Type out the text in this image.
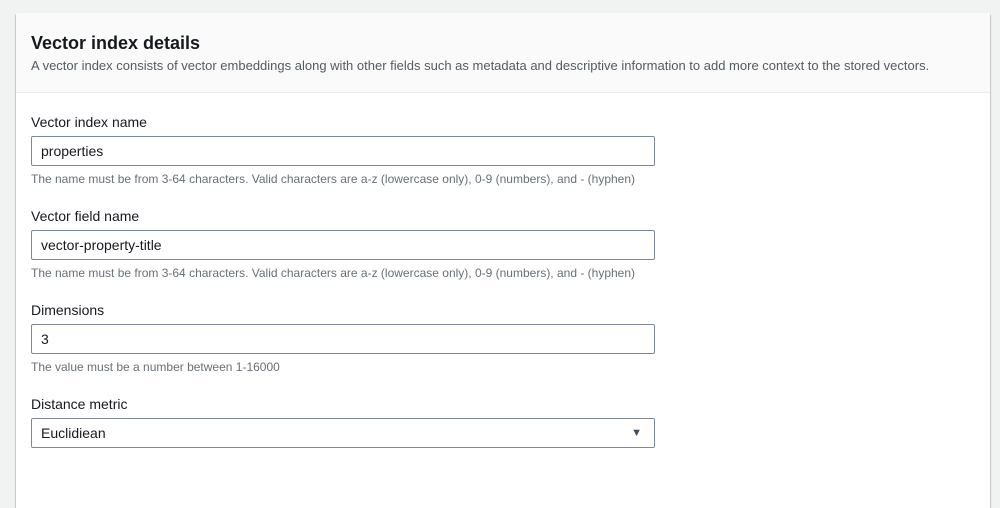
Vector index details
A vector index consists of vector embeddings along with other fields such as metadata and descriptive information to add more context to the stored vectors.
Vector index name
properties
The name must be from 3-64 characters. Valid characters are a-z (lowercase only), 0-9 (numbers), and - (hyphen)
Vector field name
vector-property-title
The name must be from 3-64 characters. Valid characters are a-z (lowercase only), 0-9 (numbers), and - (hyphen)
Dimensions
3
The value must be a number between 1-16000
Distance metric
Euclidiean	▼
